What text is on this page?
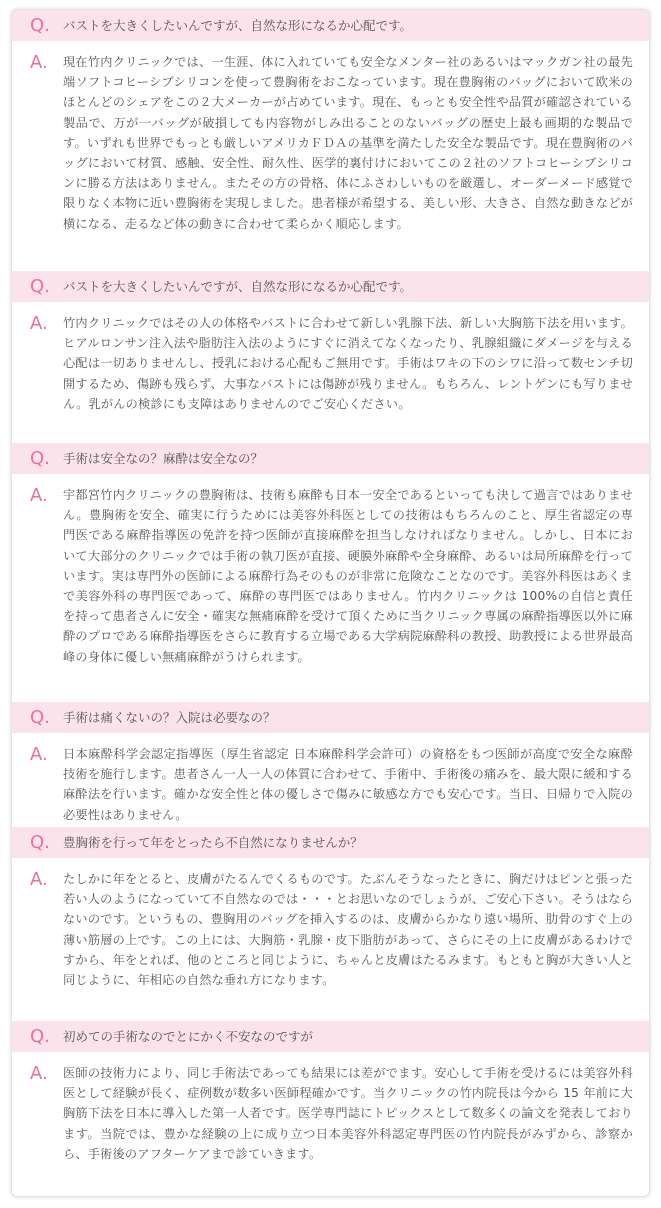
Q. バストを大きくしたいんですが、自然な形になるか心配です。
A. 現在竹内クリニックでは、一生涯、体に入れていても安全なメンター社のあるいはマックガン社の最先端ソフトコヒーシブシリコンを使って豊胸術をおこなっています。現在豊胸術のバッグにおいて欧米のほとんどのシェアをこの２大メーカーが占めています。現在、もっとも安全性や品質が確認されている製品で、万が一バッグが破損しても内容物がしみ出ることのないバッグの歴史上最も画期的な製品です。いずれも世界でもっとも厳しいアメリカＦＤＡの基準を満たした安全な製品です。現在豊胸術のバッグにおいて材質、感触、安全性、耐久性、医学的裏付けにおいてこの２社のソフトコヒーシブシリコンに勝る方法はありません。またその方の骨格、体にふさわしいものを厳選し、オーダーメード感覚で限りなく本物に近い豊胸術を実現しました。患者様が希望する、美しい形、大きさ、自然な動きなどが横になる、走るなど体の動きに合わせて柔らかく順応します。
Q. バストを大きくしたいんですが、自然な形になるか心配です。
A. 竹内クリニックではその人の体格やバストに合わせて新しい乳腺下法、新しい大胸筋下法を用います。ヒアルロンサン注入法や脂肪注入法のようにすぐに消えてなくなったり、乳腺組織にダメージを与える心配は一切ありませんし、授乳における心配もご無用です。手術はワキの下のシワに沿って数センチ切開するため、傷跡も残らず、大事なバストには傷跡が残りません。もちろん、レントゲンにも写りません。乳がんの検診にも支障はありませんのでご安心ください。
Q. 手術は安全なの？麻酔は安全なの？
A. 宇都宮竹内クリニックの豊胸術は、技術も麻酔も日本一安全であるといっても決して過言ではありません。豊胸術を安全、確実に行うためには美容外科医としての技術はもちろんのこと、厚生省認定の専門医である麻酔指導医の免許を持つ医師が直接麻酔を担当しなければなりません。しかし、日本において大部分のクリニックでは手術の執刀医が直接、硬膜外麻酔や全身麻酔、あるいは局所麻酔を行っています。実は専門外の医師による麻酔行為そのものが非常に危険なことなのです。美容外科医はあくまで美容外科の専門医であって、麻酔の専門医ではありません。竹内クリニックは 100%の自信と責任を持って患者さんに安全・確実な無痛麻酔を受けて頂くために当クリニック専属の麻酔指導医以外に麻酔のプロである麻酔指導医をさらに教育する立場である大学病院麻酔科の教授、助教授による世界最高峰の身体に優しい無痛麻酔がうけられます。
Q. 手術は痛くないの？入院は必要なの？
A. 日本麻酔科学会認定指導医（厚生省認定 日本麻酔科学会許可）の資格をもつ医師が高度で安全な麻酔技術を施行します。患者さん一人一人の体質に合わせて、手術中、手術後の痛みを、最大限に緩和する麻酔法を行います。確かな安全性と体の優しさで傷みに敏感な方でも安心です。当日、日帰りで入院の必要性はありません。
Q. 豊胸術を行って年をとったら不自然になりませんか？
A. たしかに年をとると、皮膚がたるんでくるものです。たぶんそうなったときに、胸だけはピンと張った若い人のようになっていて不自然なのでは・・・とお思いなのでしょうが、ご安心下さい。そうはならないのです。というもの、豊胸用のバッグを挿入するのは、皮膚からかなり遠い場所、肋骨のすぐ上の薄い筋層の上です。この上には、大胸筋・乳腺・皮下脂肪があって、さらにその上に皮膚があるわけですから、年をとれば、他のところと同じように、ちゃんと皮膚はたるみます。もともと胸が大きい人と同じように、年相応の自然な垂れ方になります。
Q. 初めての手術なのでとにかく不安なのですが
A. 医師の技術力により、同じ手術法であっても結果には差がでます。安心して手術を受けるには美容外科医として経験が長く、症例数が数多い医師程確かです。当クリニックの竹内院長は今から 15 年前に大胸筋下法を日本に導入した第一人者です。医学専門誌にトピックスとして数多くの論文を発表しております。当院では、豊かな経験の上に成り立つ日本美容外科認定専門医の竹内院長がみずから、診察から、手術後のアフターケアまで診ていきます。
